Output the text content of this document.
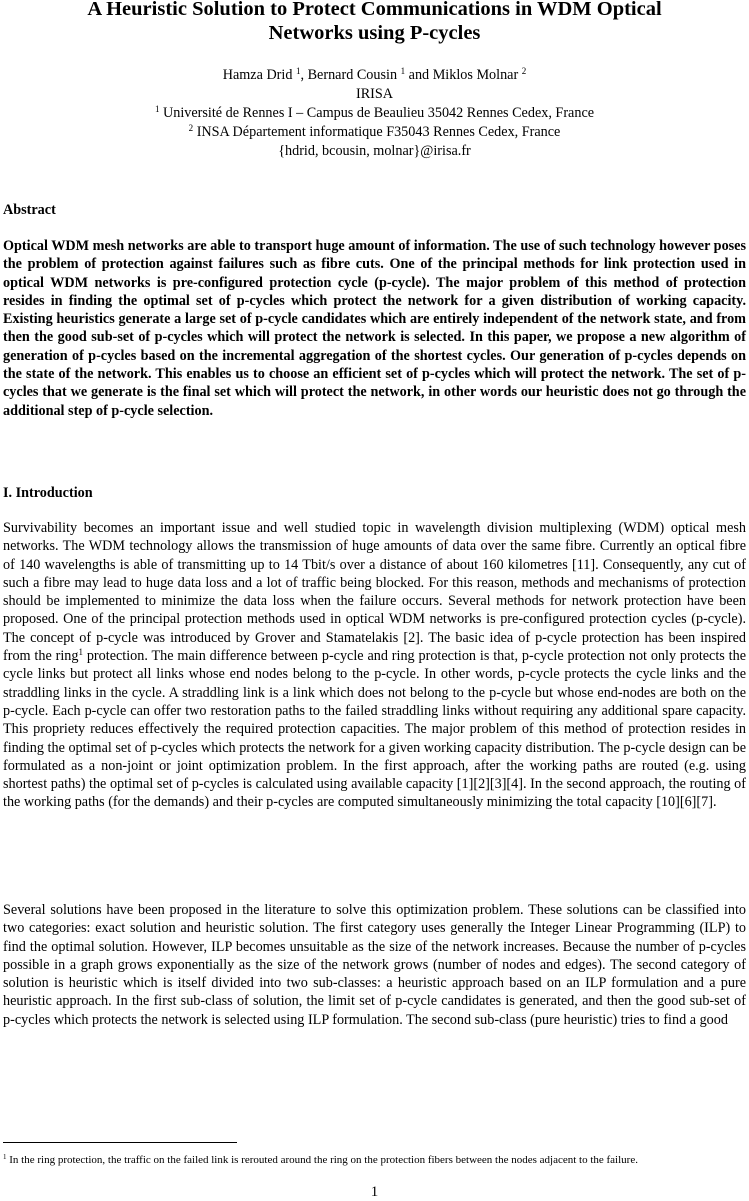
A Heuristic Solution to Protect Communications in WDM Optical
Networks using P-cycles
Hamza Drid $^1$, Bernard Cousin $^1$ and Miklos Molnar $^2$
IRISA
$^1$ Université de Rennes I – Campus de Beaulieu 35042 Rennes Cedex, France
$^2$ INSA Département informatique F35043 Rennes Cedex, France
{hdrid, bcousin, molnar}@irisa.fr
Abstract
Optical WDM mesh networks are able to transport huge amount of information. The use of such technology however poses the problem of protection against failures such as fibre cuts. One of the principal methods for link protection used in optical WDM networks is pre-configured protection cycle (p-cycle). The major problem of this method of protection resides in finding the optimal set of p-cycles which protect the network for a given distribution of working capacity. Existing heuristics generate a large set of p-cycle candidates which are entirely independent of the network state, and from then the good sub-set of p-cycles which will protect the network is selected. In this paper, we propose a new algorithm of generation of p-cycles based on the incremental aggregation of the shortest cycles. Our generation of p-cycles depends on the state of the network. This enables us to choose an efficient set of p-cycles which will protect the network. The set of p-cycles that we generate is the final set which will protect the network, in other words our heuristic does not go through the additional step of p-cycle selection.
I. Introduction
Survivability becomes an important issue and well studied topic in wavelength division multiplexing (WDM) optical mesh networks. The WDM technology allows the transmission of huge amounts of data over the same fibre. Currently an optical fibre of 140 wavelengths is able of transmitting up to 14 Tbit/s over a distance of about 160 kilometres [11]. Consequently, any cut of such a fibre may lead to huge data loss and a lot of traffic being blocked. For this reason, methods and mechanisms of protection should be implemented to minimize the data loss when the failure occurs. Several methods for network protection have been proposed. One of the principal protection methods used in optical WDM networks is pre-configured protection cycles (p-cycle). The concept of p-cycle was introduced by Grover and Stamatelakis [2]. The basic idea of p-cycle protection has been inspired from the ring$^1$ protection. The main difference between p-cycle and ring protection is that, p-cycle protection not only protects the cycle links but protect all links whose end nodes belong to the p-cycle. In other words, p-cycle protects the cycle links and the straddling links in the cycle. A straddling link is a link which does not belong to the p-cycle but whose end-nodes are both on the p-cycle. Each p-cycle can offer two restoration paths to the failed straddling links without requiring any additional spare capacity. This propriety reduces effectively the required protection capacities. The major problem of this method of protection resides in finding the optimal set of p-cycles which protects the network for a given working capacity distribution. The p-cycle design can be formulated as a non-joint or joint optimization problem. In the first approach, after the working paths are routed (e.g. using shortest paths) the optimal set of p-cycles is calculated using available capacity [1][2][3][4]. In the second approach, the routing of the working paths (for the demands) and their p-cycles are computed simultaneously minimizing the total capacity [10][6][7].
Several solutions have been proposed in the literature to solve this optimization problem. These solutions can be classified into two categories: exact solution and heuristic solution. The first category uses generally the Integer Linear Programming (ILP) to find the optimal solution. However, ILP becomes unsuitable as the size of the network increases. Because the number of p-cycles possible in a graph grows exponentially as the size of the network grows (number of nodes and edges). The second category of solution is heuristic which is itself divided into two sub-classes: a heuristic approach based on an ILP formulation and a pure heuristic approach. In the first sub-class of solution, the limit set of p-cycle candidates is generated, and then the good sub-set of p-cycles which protects the network is selected using ILP formulation. The second sub-class (pure heuristic) tries to find a good
$^1$ In the ring protection, the traffic on the failed link is rerouted around the ring on the protection fibers between the nodes adjacent to the failure.
1
